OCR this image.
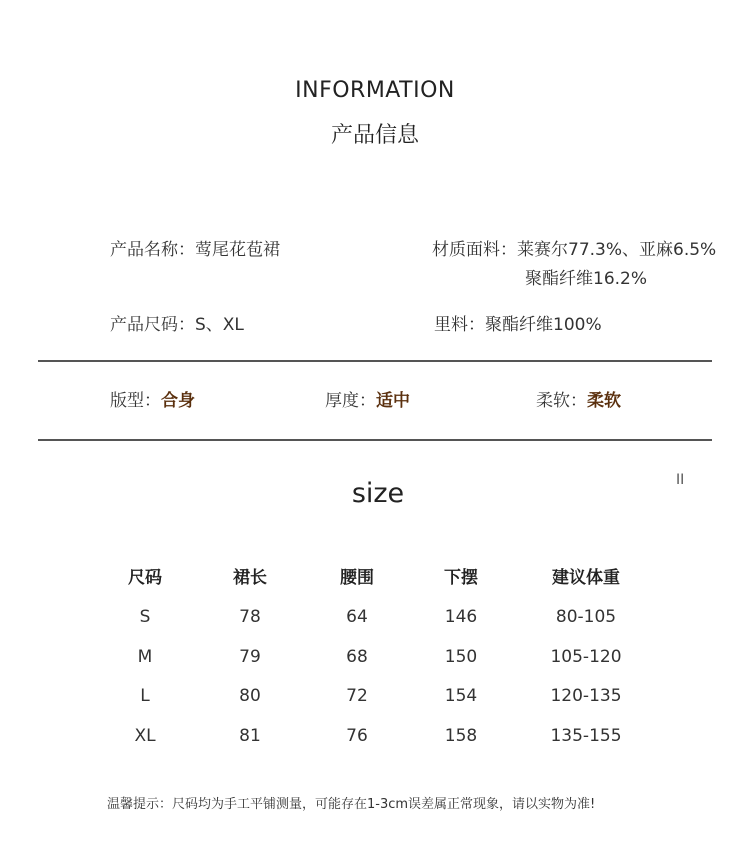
INFORMATION
产品信息
产品名称：莺尾花苞裙	材质面料：莱赛尔77.3%、亚麻6.5%
聚酯纤维16.2%
产品尺码：S、XL	里料：聚酯纤维100%
版型：合身	厚度：适中	柔软：柔软
size	II
尺码	裙长	腰围	下摆	建议体重
S	78	64	146	80-105
M	79	68	150	105-120
L	80	72	154	120-135
XL	81	76	158	135-155
温馨提示：尺码均为手工平铺测量，可能存在1-3cm误差属正常现象，请以实物为准!
